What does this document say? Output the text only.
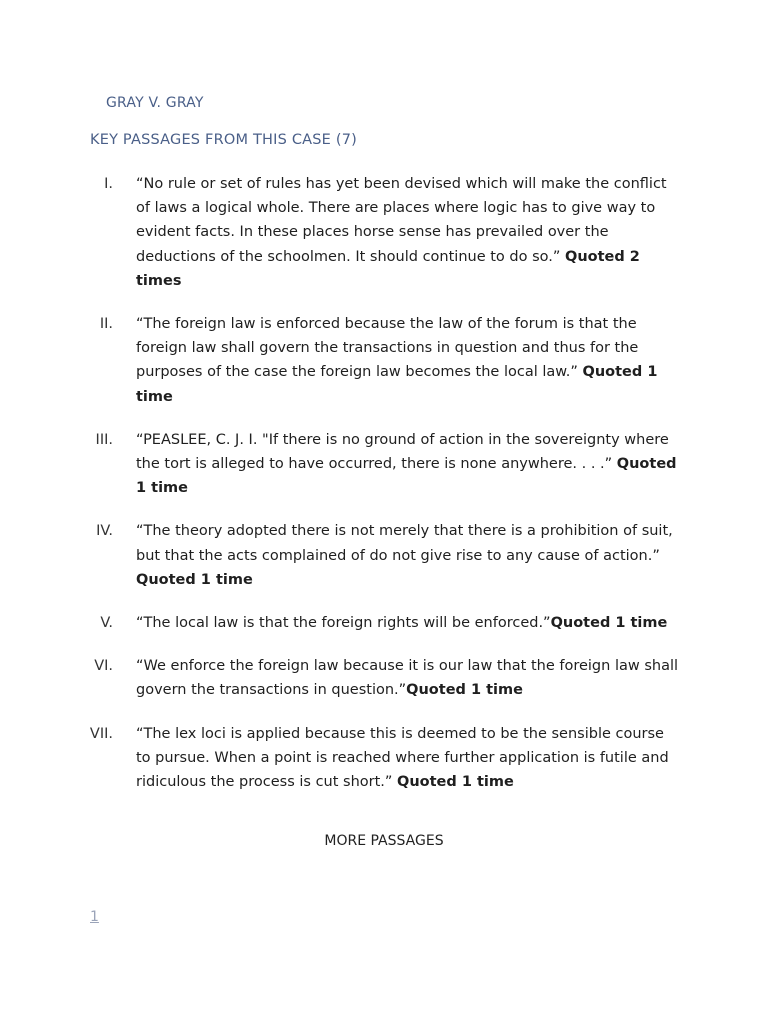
GRAY V. GRAY
KEY PASSAGES FROM THIS CASE (7)
I. “No rule or set of rules has yet been devised which will make the conflict of laws a logical whole. There are places where logic has to give way to evident facts. In these places horse sense has prevailed over the deductions of the schoolmen. It should continue to do so.” Quoted 2 times
II. “The foreign law is enforced because the law of the forum is that the foreign law shall govern the transactions in question and thus for the purposes of the case the foreign law becomes the local law.” Quoted 1 time
III. “PEASLEE, C. J. I. "If there is no ground of action in the sovereignty where the tort is alleged to have occurred, there is none anywhere. . . .” Quoted 1 time
IV. “The theory adopted there is not merely that there is a prohibition of suit, but that the acts complained of do not give rise to any cause of action.” Quoted 1 time
V. “The local law is that the foreign rights will be enforced.”Quoted 1 time
VI. “We enforce the foreign law because it is our law that the foreign law shall govern the transactions in question.”Quoted 1 time
VII. “The lex loci is applied because this is deemed to be the sensible course to pursue. When a point is reached where further application is futile and ridiculous the process is cut short.” Quoted 1 time
MORE PASSAGES
1
